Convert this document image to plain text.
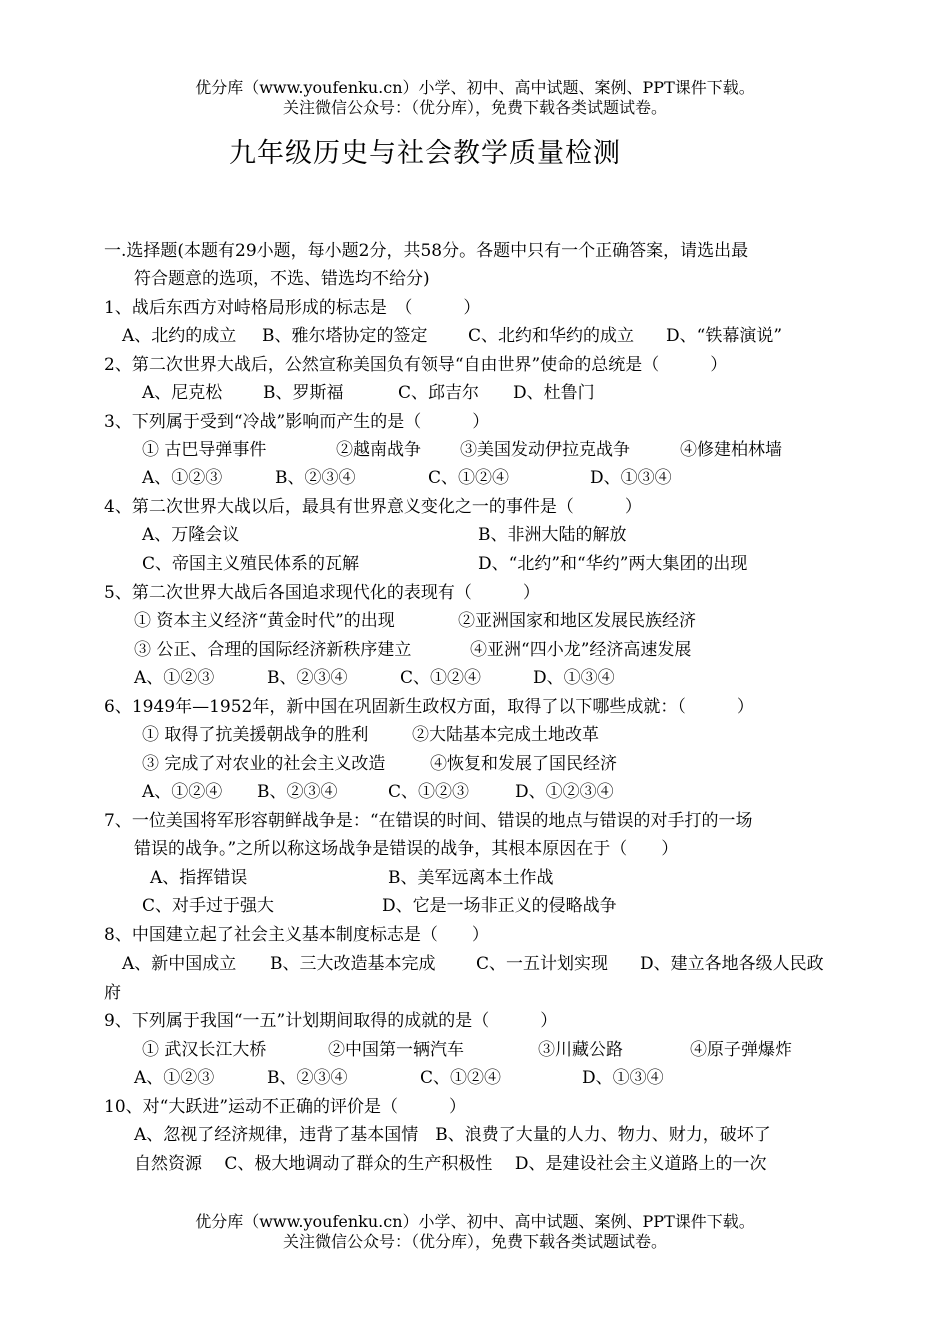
优分库（www.youfenku.cn）小学、初中、高中试题、案例、PPT课件下载。
关注微信公众号：（优分库），免费下载各类试题试卷。
九年级历史与社会教学质量检测
一.选择题(本题有29小题，每小题2分，共58分。各题中只有一个正确答案，请选出最
符合题意的选项，不选、错选均不给分)
1、战后东西方对峙格局形成的标志是　（　　　）
A、北约的成立 B、雅尔塔协定的签定 C、北约和华约的成立 D、“铁幕演说”
2、第二次世界大战后，公然宣称美国负有领导“自由世界”使命的总统是（　　　）
A、尼克松 B、罗斯福	C、邱吉尔 D、杜鲁门
3、下列属于受到“冷战”影响而产生的是（　　　）
① 古巴导弹事件	②越南战争 ③美国发动伊拉克战争	④修建柏林墙
A、①②③	B、②③④	C、①②④	D、①③④
4、第二次世界大战以后，最具有世界意义变化之一的事件是（　　　）
A、万隆会议	B、非洲大陆的解放
C、帝国主义殖民体系的瓦解	D、“北约”和“华约”两大集团的出现
5、第二次世界大战后各国追求现代化的表现有（　　　）
① 资本主义经济“黄金时代”的出现	②亚洲国家和地区发展民族经济
③ 公正、合理的国际经济新秩序建立	④亚洲“四小龙”经济高速发展
A、①②③	B、②③④	C、①②④	D、①③④
6、1949年—1952年，新中国在巩固新生政权方面，取得了以下哪些成就：（　　　）
① 取得了抗美援朝战争的胜利	②大陆基本完成土地改革
③ 完成了对农业的社会主义改造	④恢复和发展了国民经济
A、①②④ B、②③④	C、①②③	D、①②③④
7、一位美国将军形容朝鲜战争是：“在错误的时间、错误的地点与错误的对手打的一场
错误的战争。”之所以称这场战争是错误的战争，其根本原因在于（　　）
A、指挥错误	B、美军远离本土作战
C、对手过于强大	D、它是一场非正义的侵略战争
8、中国建立起了社会主义基本制度标志是（　　）
A、新中国成立 B、三大改造基本完成 C、一五计划实现 D、建立各地各级人民政
府
9、下列属于我国“一五”计划期间取得的成就的是（　　　）
① 武汉长江大桥	②中国第一辆汽车	③川藏公路	④原子弹爆炸
A、①②③	B、②③④	C、①②④	D、①③④
10、对“大跃进”运动不正确的评价是（　　　）
A、忽视了经济规律，违背了基本国情　B、浪费了大量的人力、物力、财力，破坏了
自然资源　 C、极大地调动了群众的生产积极性　 D、是建设社会主义道路上的一次
优分库（www.youfenku.cn）小学、初中、高中试题、案例、PPT课件下载。
关注微信公众号：（优分库），免费下载各类试题试卷。
